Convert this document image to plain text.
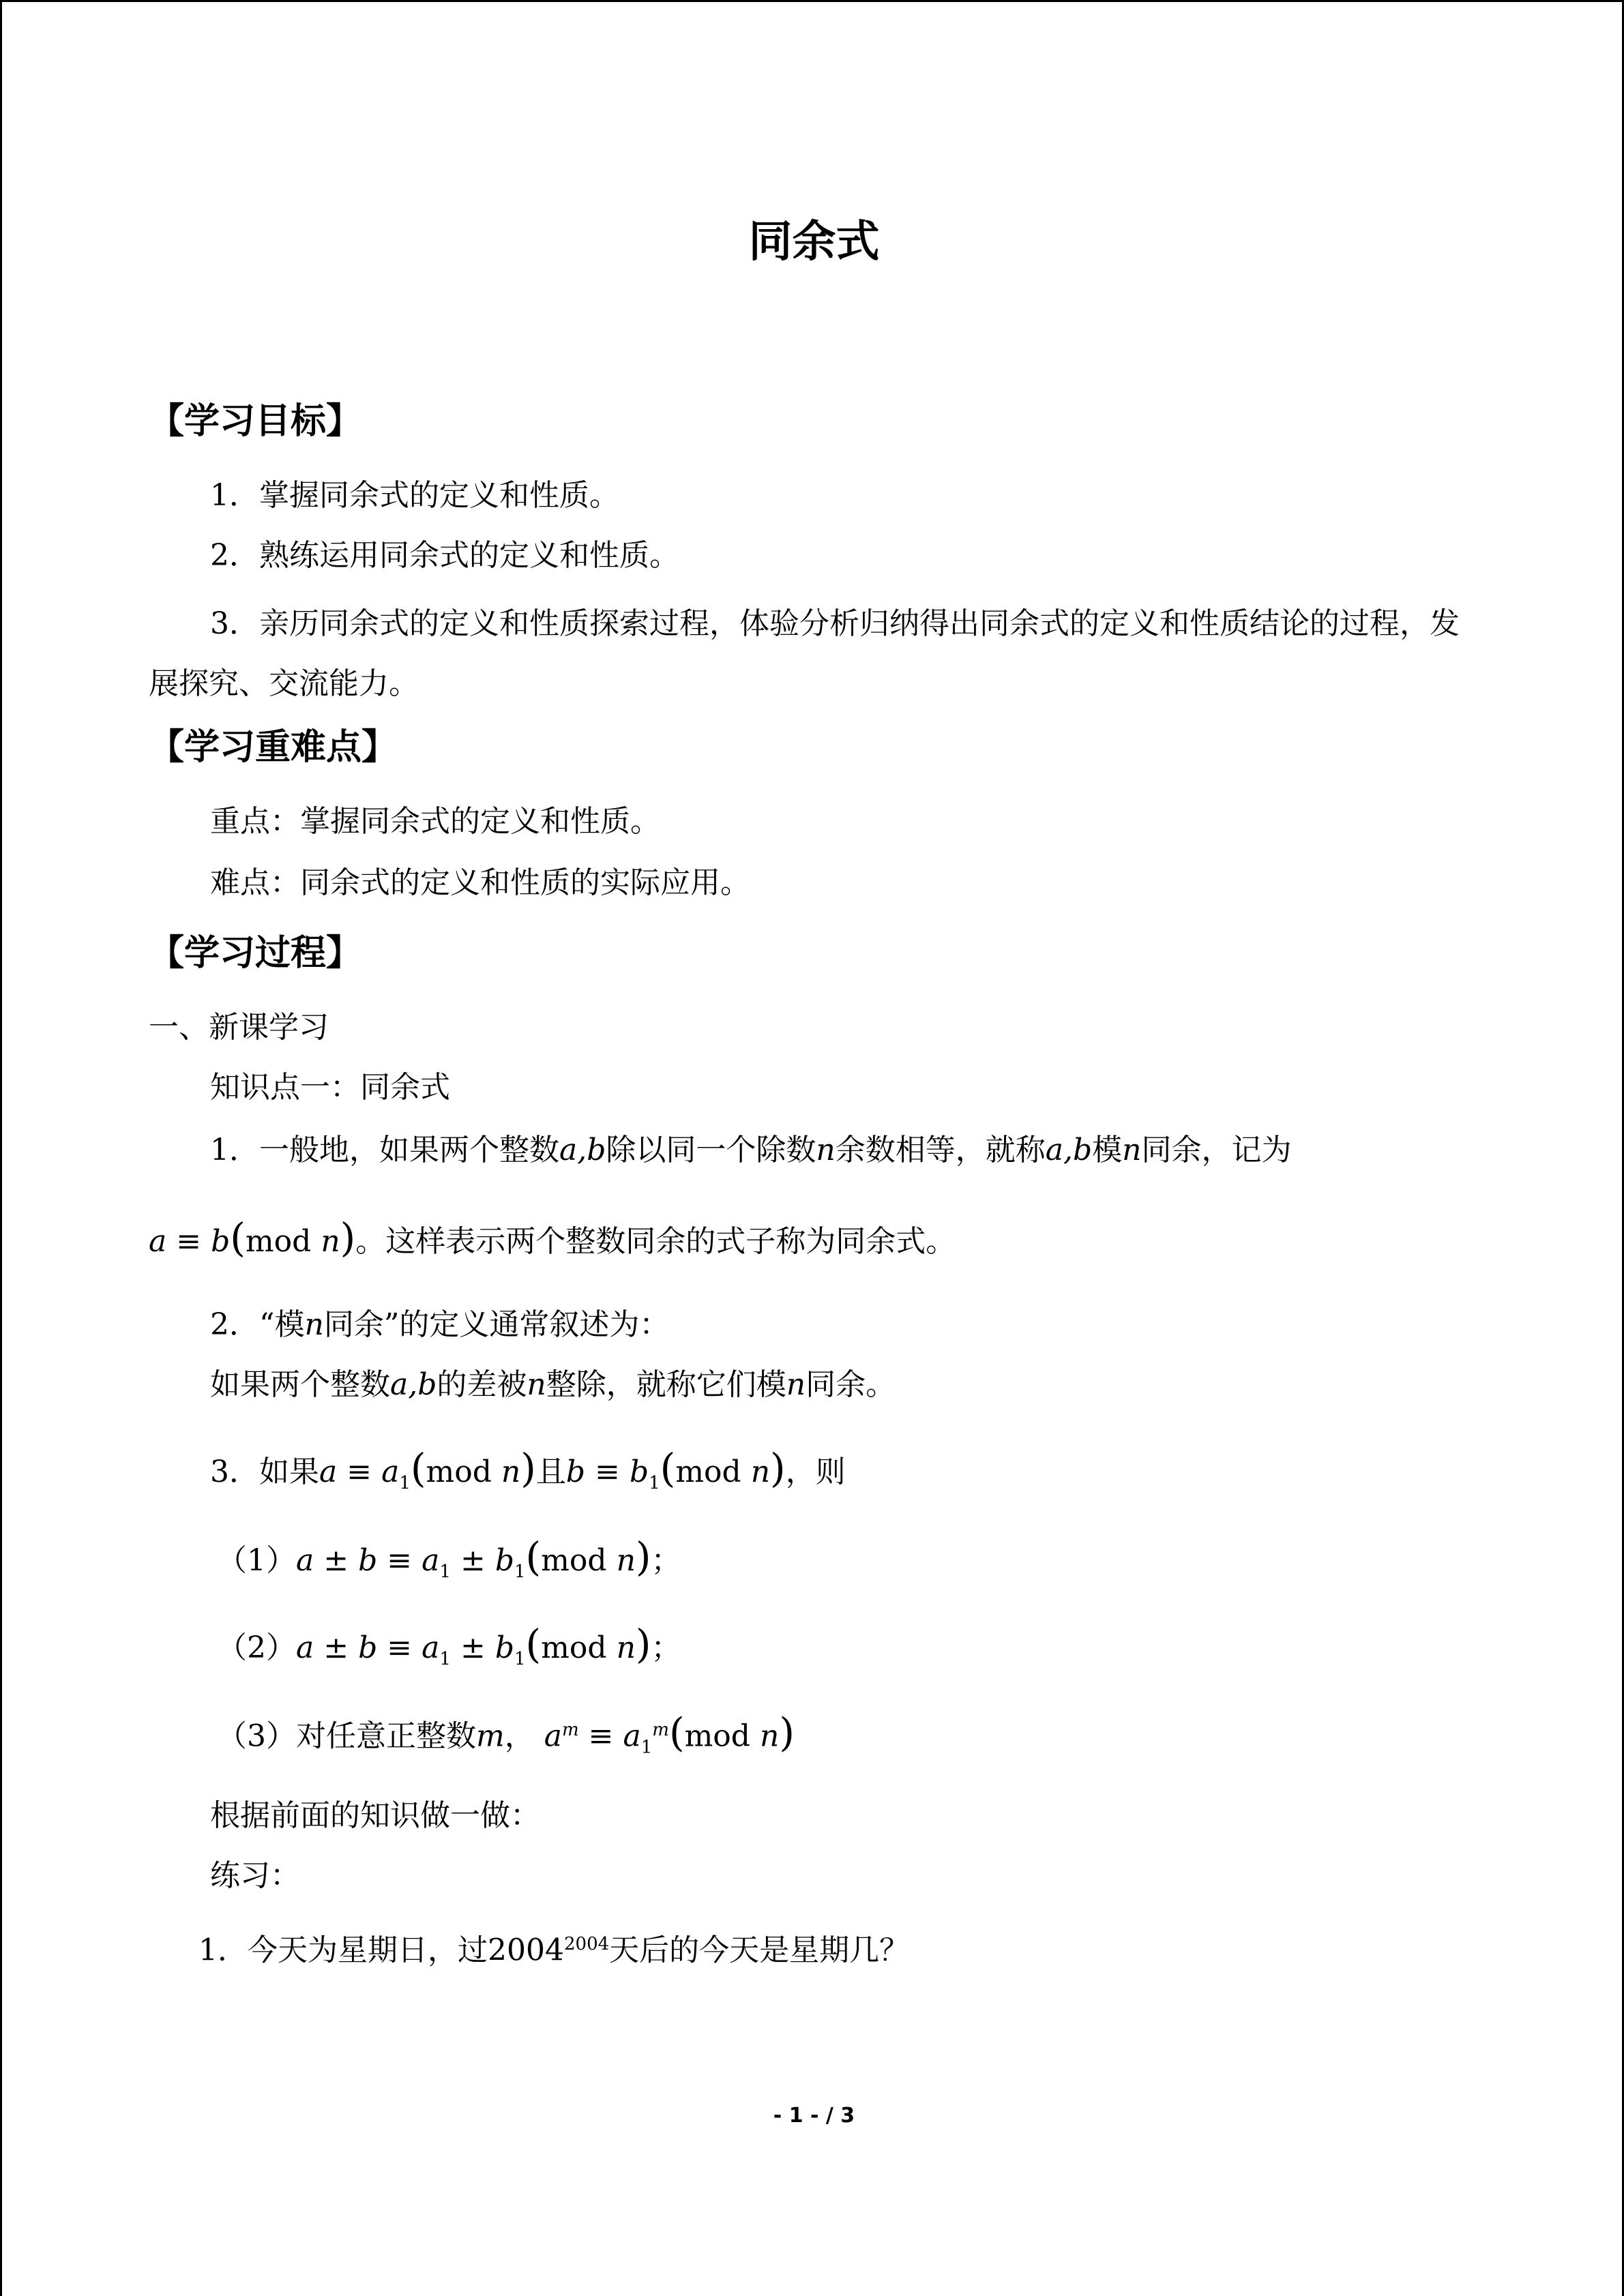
同余式
【学习目标】
1．掌握同余式的定义和性质。
2．熟练运用同余式的定义和性质。
3．亲历同余式的定义和性质探索过程，体验分析归纳得出同余式的定义和性质结论的过程，发展探究、交流能力。
【学习重难点】
重点：掌握同余式的定义和性质。
难点：同余式的定义和性质的实际应用。
【学习过程】
一、新课学习
知识点一：同余式
1．一般地，如果两个整数a,b除以同一个除数n余数相等，就称a,b模n同余，记为
a ≡ b(mod n)。这样表示两个整数同余的式子称为同余式。
2．“模n同余”的定义通常叙述为：
如果两个整数a,b的差被n整除，就称它们模n同余。
3．如果$a \equiv a_1(mod$ n)且$b \equiv b_1(mod$ n)，则
$(1)a \pm b \equiv a_1 \pm b_1(mod$ n)；
$(2)a \pm b \equiv a_1 \pm b_1(mod$ n)；
（3）对任意正整数m， $a^m \equiv a_1^m(mod$ n)
根据前面的知识做一做：
练习：
1．今天为星期日，过$2004^{2004}$天后的今天是星期几？
- 1 - / 3
